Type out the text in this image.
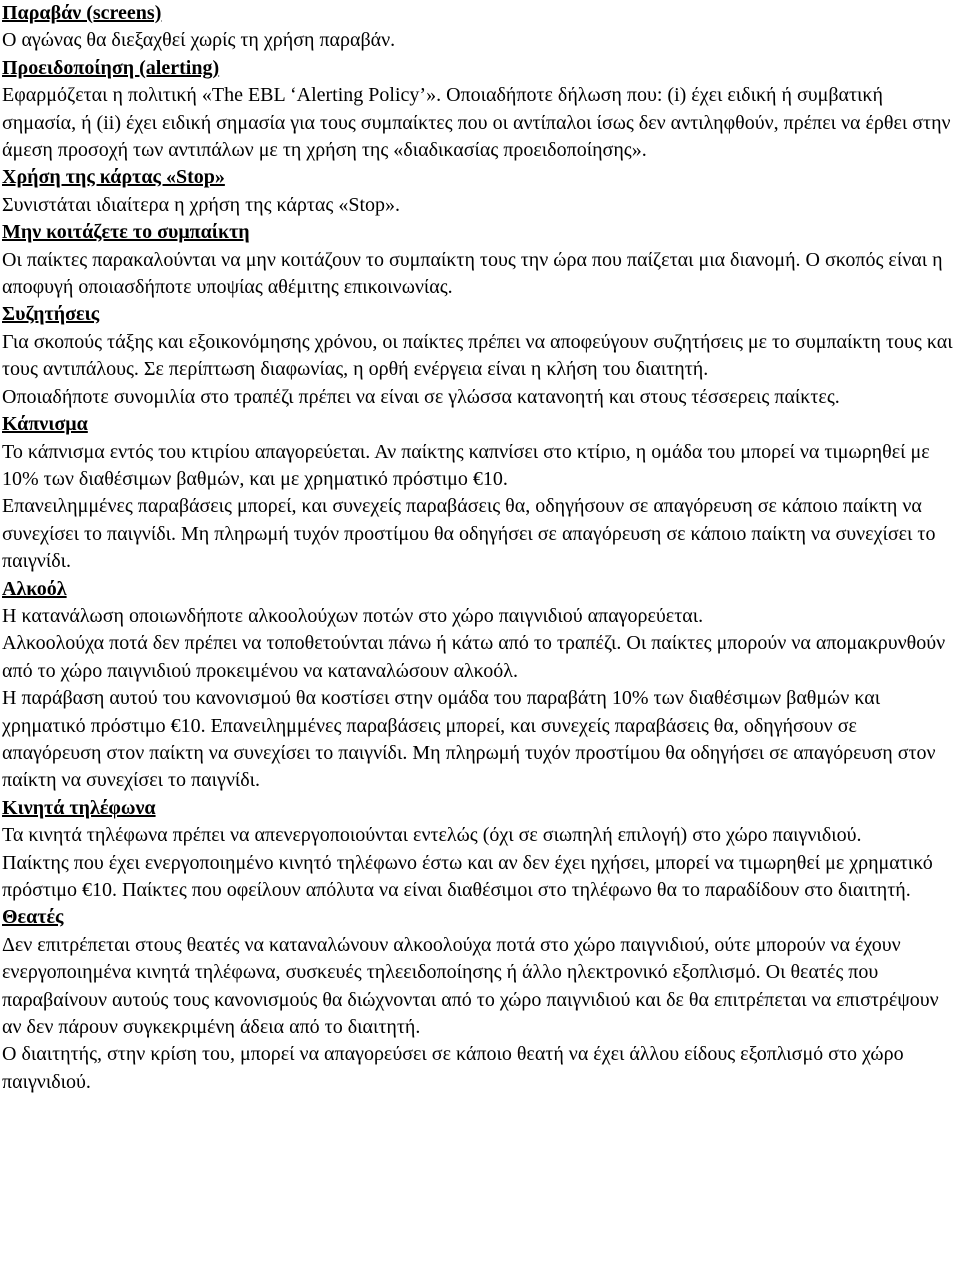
Παραβάν (screens)

Ο αγώνας θα διεξαχθεί χωρίς τη χρήση παραβάν.

Προειδοποίηση (alerting)

Εφαρμόζεται η πολιτική «The EBL ‘Alerting Policy’». Οποιαδήποτε δήλωση που: (i) έχει ειδική ή συμβατική σημασία, ή (ii) έχει ειδική σημασία για τους συμπαίκτες που οι αντίπαλοι ίσως δεν αντιληφθούν, πρέπει να έρθει στην άμεση προσοχή των αντιπάλων με τη χρήση της «διαδικασίας προειδοποίησης».

Χρήση της κάρτας «Stop»

Συνιστάται ιδιαίτερα η χρήση της κάρτας «Stop».

Μην κοιτάζετε το συμπαίκτη

Οι παίκτες παρακαλούνται να μην κοιτάζουν το συμπαίκτη τους την ώρα που παίζεται μια διανομή. Ο σκοπός είναι η αποφυγή οποιασδήποτε υποψίας αθέμιτης επικοινωνίας.

Συζητήσεις

Για σκοπούς τάξης και εξοικονόμησης χρόνου, οι παίκτες πρέπει να αποφεύγουν συζητήσεις με το συμπαίκτη τους και τους αντιπάλους. Σε περίπτωση διαφωνίας, η ορθή ενέργεια είναι η κλήση του διαιτητή.

Οποιαδήποτε συνομιλία στο τραπέζι πρέπει να είναι σε γλώσσα κατανοητή και στους τέσσερεις παίκτες.

Κάπνισμα

Το κάπνισμα εντός του κτιρίου απαγορεύεται. Αν παίκτης καπνίσει στο κτίριο, η ομάδα του μπορεί να τιμωρηθεί με 10% των διαθέσιμων βαθμών, και με χρηματικό πρόστιμο €10.

Επανειλημμένες παραβάσεις μπορεί, και συνεχείς παραβάσεις θα, οδηγήσουν σε απαγόρευση σε κάποιο παίκτη να συνεχίσει το παιγνίδι. Μη πληρωμή τυχόν προστίμου θα οδηγήσει σε απαγόρευση σε κάποιο παίκτη να συνεχίσει το παιγνίδι.

Αλκοόλ

Η κατανάλωση οποιωνδήποτε αλκοολούχων ποτών στο χώρο παιγνιδιού απαγορεύεται.

Αλκοολούχα ποτά δεν πρέπει να τοποθετούνται πάνω ή κάτω από το τραπέζι. Οι παίκτες μπορούν να απομακρυνθούν από το χώρο παιγνιδιού προκειμένου να καταναλώσουν αλκοόλ.

Η παράβαση αυτού του κανονισμού θα κοστίσει στην ομάδα του παραβάτη 10% των διαθέσιμων βαθμών και χρηματικό πρόστιμο €10. Επανειλημμένες παραβάσεις μπορεί, και συνεχείς παραβάσεις θα, οδηγήσουν σε απαγόρευση στον παίκτη να συνεχίσει το παιγνίδι. Μη πληρωμή τυχόν προστίμου θα οδηγήσει σε απαγόρευση στον παίκτη να συνεχίσει το παιγνίδι.

Κινητά τηλέφωνα

Τα κινητά τηλέφωνα πρέπει να απενεργοποιούνται εντελώς (όχι σε σιωπηλή επιλογή) στο χώρο παιγνιδιού.

Παίκτης που έχει ενεργοποιημένο κινητό τηλέφωνο έστω και αν δεν έχει ηχήσει, μπορεί να τιμωρηθεί με χρηματικό πρόστιμο €10. Παίκτες που οφείλουν απόλυτα να είναι διαθέσιμοι στο τηλέφωνο θα το παραδίδουν στο διαιτητή.

Θεατές

Δεν επιτρέπεται στους θεατές να καταναλώνουν αλκοολούχα ποτά στο χώρο παιγνιδιού, ούτε μπορούν να έχουν ενεργοποιημένα κινητά τηλέφωνα, συσκευές τηλεειδοποίησης ή άλλο ηλεκτρονικό εξοπλισμό. Οι θεατές που παραβαίνουν αυτούς τους κανονισμούς θα διώχνονται από το χώρο παιγνιδιού και δε θα επιτρέπεται να επιστρέψουν αν δεν πάρουν συγκεκριμένη άδεια από το διαιτητή.

Ο διαιτητής, στην κρίση του, μπορεί να απαγορεύσει σε κάποιο θεατή να έχει άλλου είδους εξοπλισμό στο χώρο παιγνιδιού.
